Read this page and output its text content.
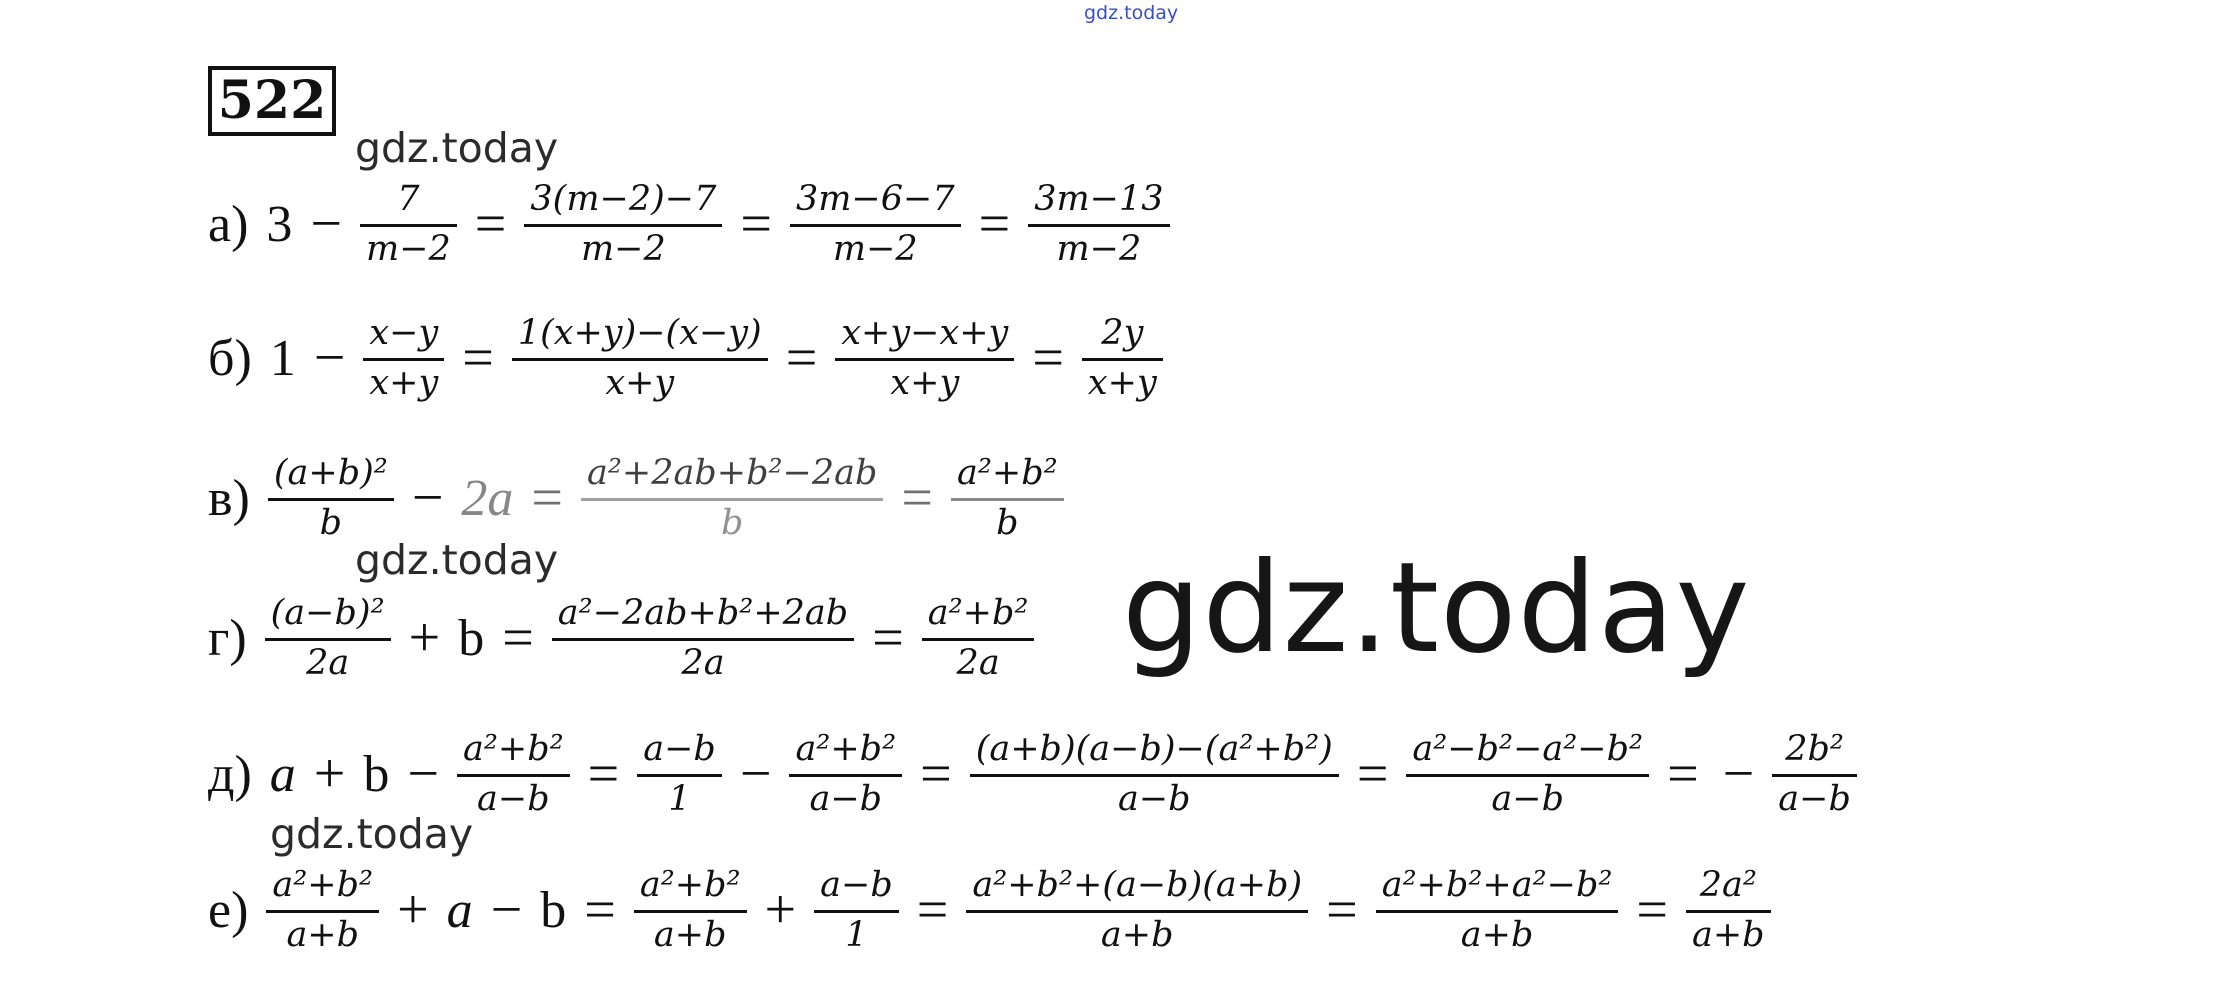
gdz.today
522
gdz.today
gdz.today
gdz.today
gdz.today
а) $3 - \frac{7}{m-2} = \frac{3(m-2)-7}{m-2} = \frac{3m-6-7}{m-2} = \frac{3m-13}{m-2}$
б) $1 - \frac{x-y}{x+y} = \frac{1(x+y)-(x-y)}{x+y} = \frac{x+y-x+y}{x+y} = \frac{2y}{x+y}$
$в) \frac{\text{(a+b)²}}{b} - 2a = \frac{\text{a²+2ab+b²−2ab}}{b} = \frac{\text{a²+b²}}{b}$
$г) \frac{\text{(a−b)²}}{2a} + b = \frac{\text{a²−2ab+b²+2ab}}{2a} = \frac{\text{a²+b²}}{2a}$
д) $a + b - \frac{\text{a²+b²}}{a-b} = \frac{a-b}{1} - \frac{\text{a²+b²}}{a-b} = \frac{\text{(a+b)(a−b)−(a²+b²)}}{a-b} = \frac{\text{a²−b²−a²−b²}}{a-b}$ = − $\frac{\text{2b²}}{a-b}$
$е) \frac{\text{a²+b²}}{a+b} + a - b = \frac{\text{a²+b²}}{a+b} + \frac{a-b}{1} = \frac{\text{a²+b²+(a−b)(a+b)}}{a+b} = \frac{\text{a²+b²+a²−b²}}{a+b} = \frac{\text{2a²}}{a+b}$
